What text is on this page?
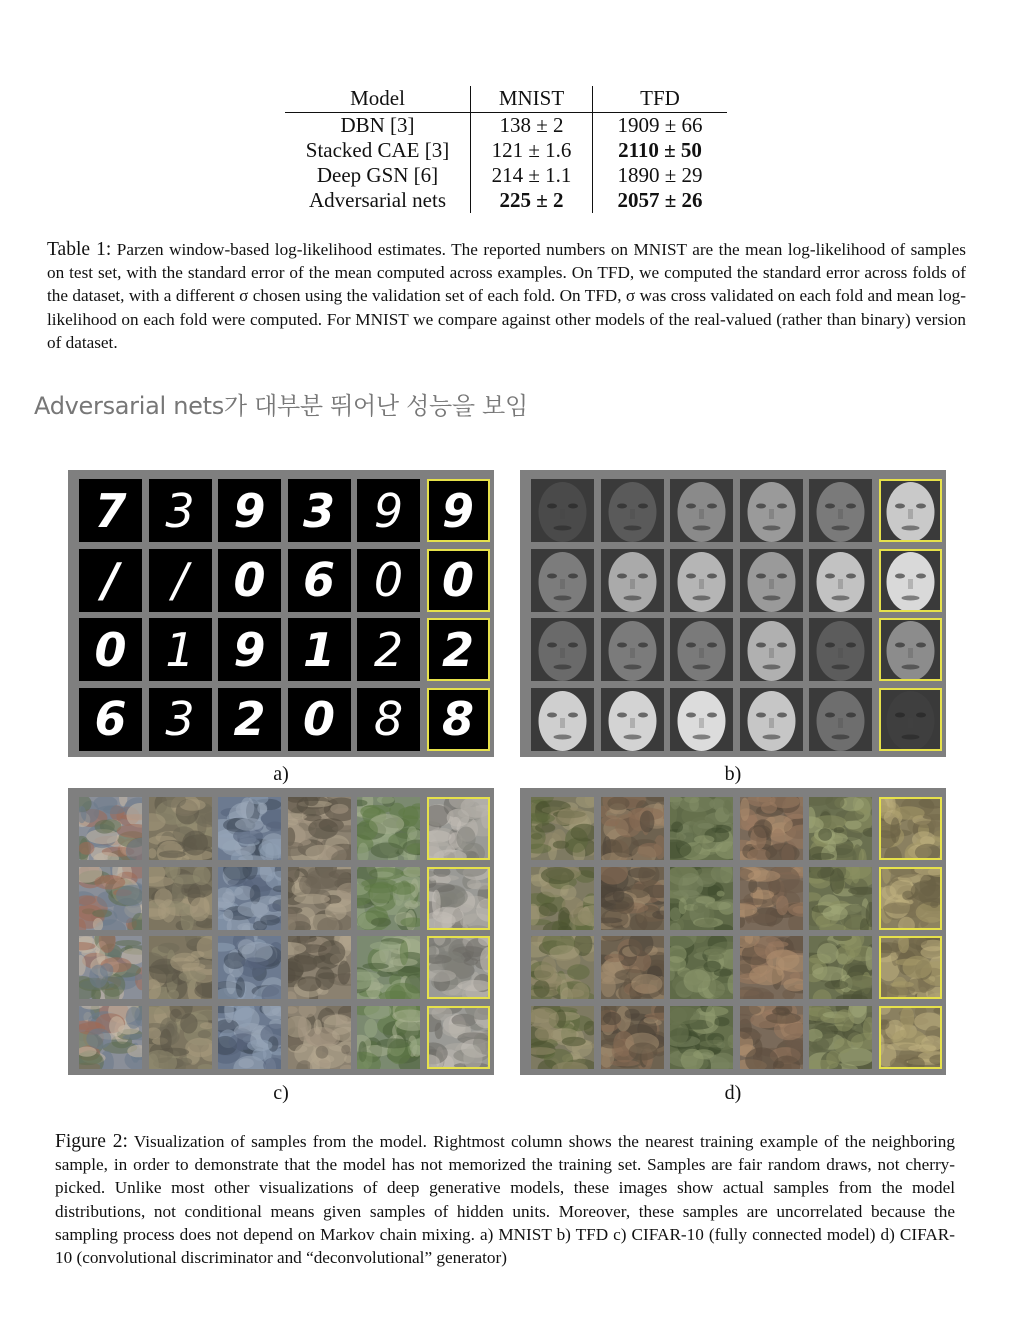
Model	MNIST	TFD
DBN [3]	138 ± 2	1909 ± 66
Stacked CAE [3]	121 ± 1.6	2110 ± 50
Deep GSN [6]	214 ± 1.1	1890 ± 29
Adversarial nets	225 ± 2	2057 ± 26
Table 1: Parzen window-based log-likelihood estimates. The reported numbers on MNIST are the mean log-likelihood of samples on test set, with the standard error of the mean computed across examples. On TFD, we computed the standard error across folds of the dataset, with a different σ chosen using the validation set of each fold. On TFD, σ was cross validated on each fold and mean log-likelihood on each fold were computed. For MNIST we compare against other models of the real-valued (rather than binary) version of dataset.
Adversarial nets가 대부분 뛰어난 성능을 보임
7 3 9 3 9 9
/	/ 0 6 0 0
0 1 9 1 2 2
6 3 2 0 8 8
a)	b)
c)	d)
Figure 2: Visualization of samples from the model. Rightmost column shows the nearest training example of the neighboring sample, in order to demonstrate that the model has not memorized the training set. Samples are fair random draws, not cherry-picked. Unlike most other visualizations of deep generative models, these images show actual samples from the model distributions, not conditional means given samples of hidden units. Moreover, these samples are uncorrelated because the sampling process does not depend on Markov chain mixing. a) MNIST b) TFD c) CIFAR-10 (fully connected model) d) CIFAR-10 (convolutional discriminator and “deconvolutional” generator)
